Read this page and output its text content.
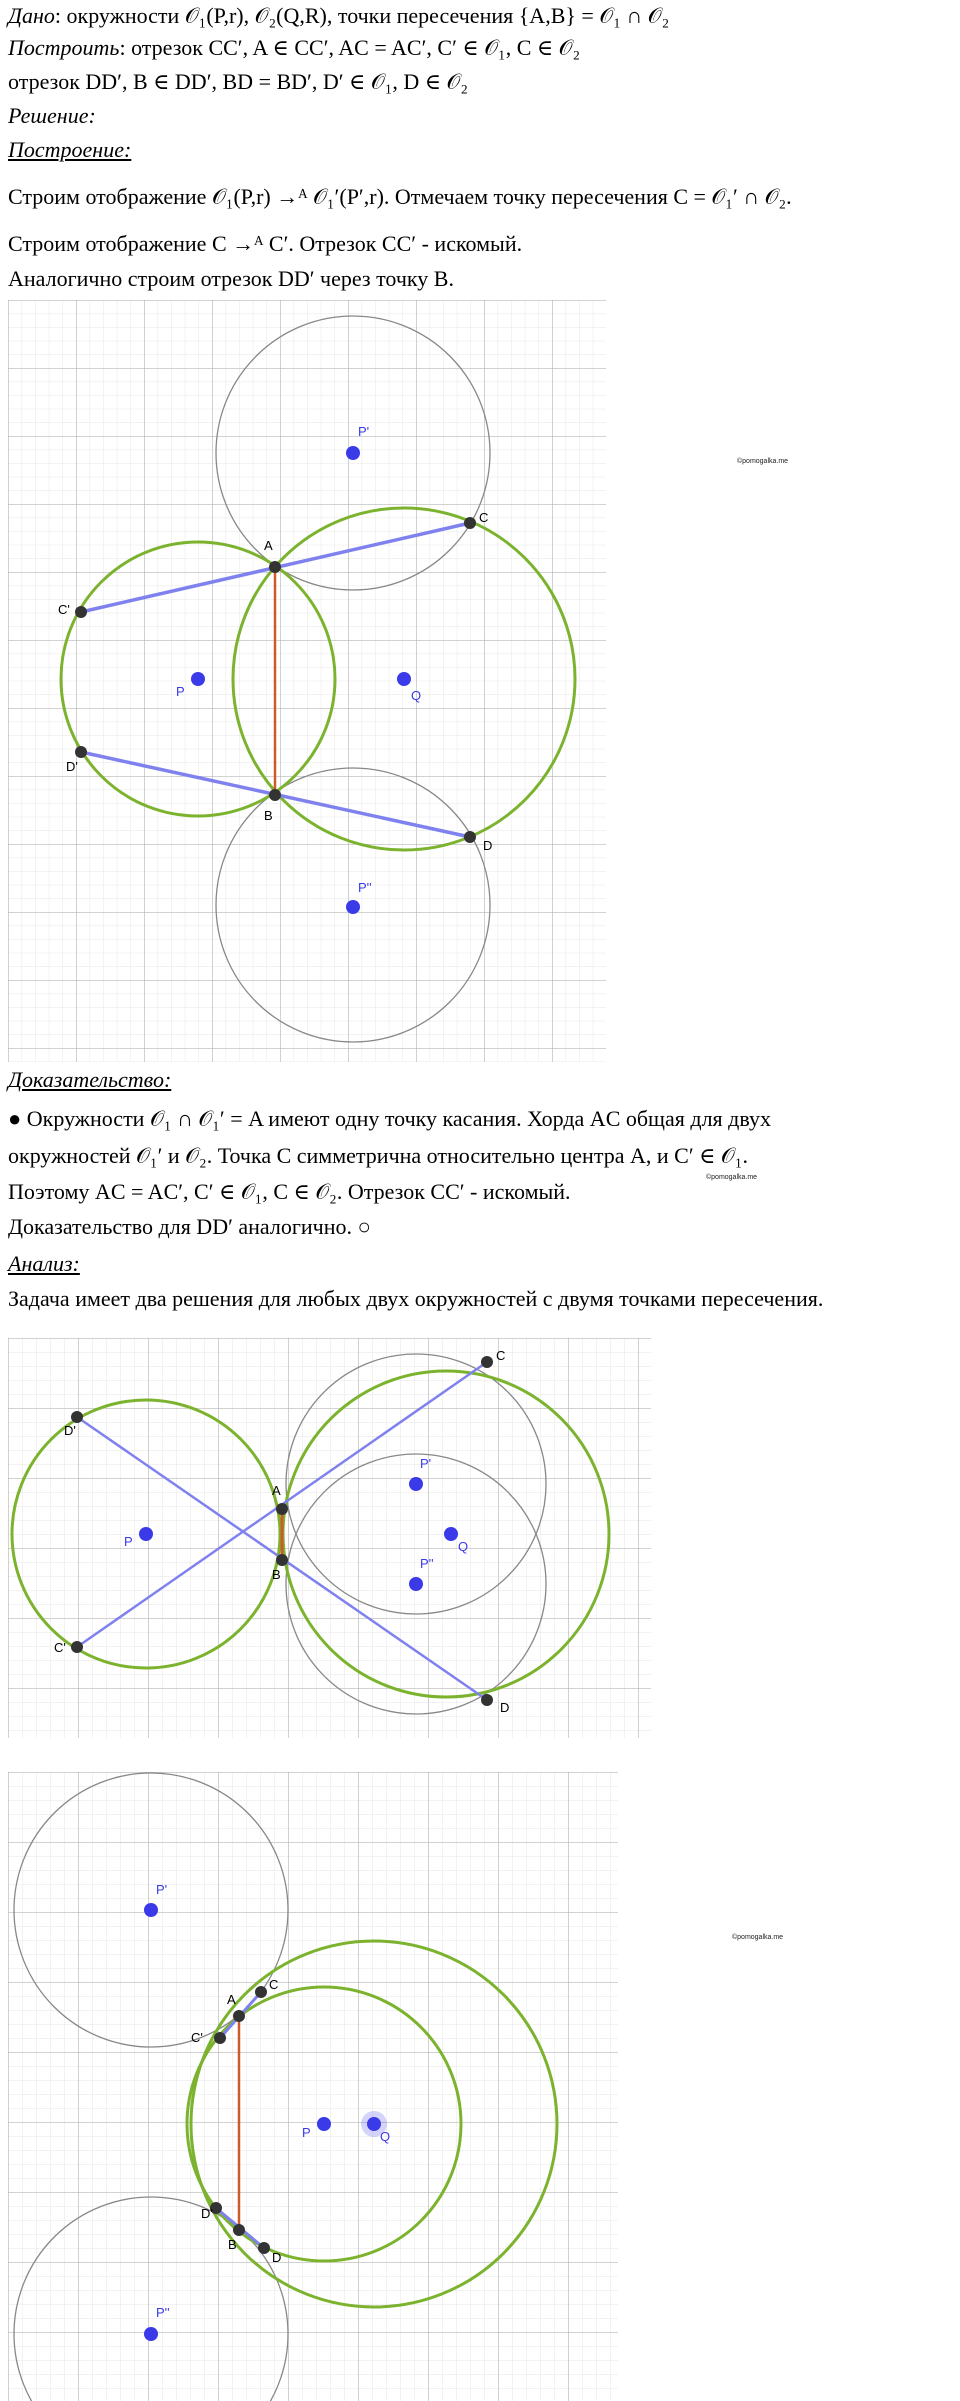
Дано: окружности 𝒪₁(P,r), 𝒪₂(Q,R), точки пересечения {A,B} = 𝒪₁ ∩ 𝒪₂
Построить: отрезок CC′, A ∈ CC′, AC = AC′, C′ ∈ 𝒪₁, C ∈ 𝒪₂
отрезок DD′, B ∈ DD′, BD = BD′, D′ ∈ 𝒪₁, D ∈ 𝒪₂
Решение:
Построение:
Строим отображение 𝒪₁(P,r) →ᴬ 𝒪₁′(P′,r). Отмечаем точку пересечения C = 𝒪₁′ ∩ 𝒪₂.
Строим отображение C →ᴬ C′. Отрезок CC′ - искомый.
Аналогично строим отрезок DD′ через точку B.
©pomogalka.me
P'
P	Q
P''
A
B
C
C'
D
D'
Доказательство:
● Окружности 𝒪₁ ∩ 𝒪₁′ = A имеют одну точку касания. Хорда AC общая для двух
окружностей 𝒪₁′ и 𝒪₂. Точка C симметрична относительно центра A, и C′ ∈ 𝒪₁.
Поэтому AC = AC′, C′ ∈ 𝒪₁, C ∈ 𝒪₂. Отрезок CC′ - искомый.
©pomogalka.me
Доказательство для DD′ аналогично. ○
Анализ:
Задача имеет два решения для любых двух окружностей с двумя точками пересечения.
P'
P	Q
P''
A
B
C
C'
D
D'
P'
P	Q
P''
A
B
C
C'
D
D'
©pomogalka.me
